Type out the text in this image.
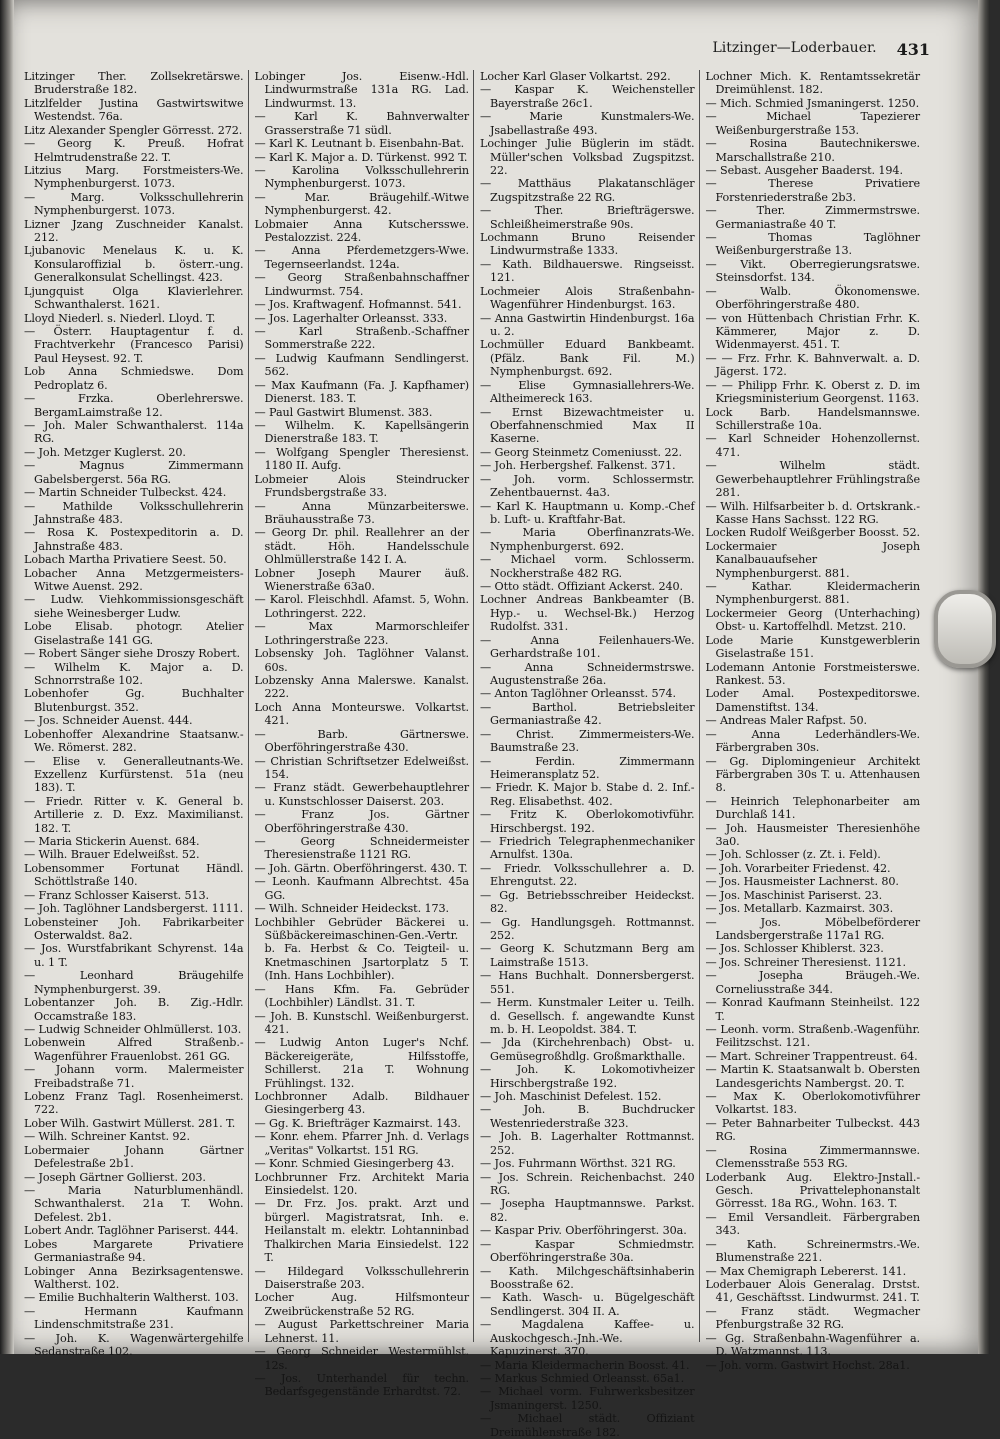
Litzinger—Loderbauer. 431

Litzinger Ther. Zollsekretärswe. Bruderstraße 182.

Litzlfelder Justina Gastwirtswitwe Westendst. 76a.

Litz Alexander Spengler Görresst. 272.

— Georg K. Preuß. Hofrat Helmtrudenstraße 22. T.

Litzius Marg. Forstmeisters-We. Nymphenburgerst. 1073.

— Marg. Volksschullehrerin Nymphenburgerst. 1073.

Lizner Jzang Zuschneider Kanalst. 212.

Ljubanovic Menelaus K. u. K. Konsularoffizial b. österr.-ung. Generalkonsulat Schellingst. 423.

Ljungquist Olga Klavierlehrer. Schwanthalerst. 1621.

Lloyd Niederl. s. Niederl. Lloyd. T.

— Österr. Hauptagentur f. d. Frachtverkehr (Francesco Parisi) Paul Heysest. 92. T.

Lob Anna Schmiedswe. Dom Pedroplatz 6.

— Frzka. Oberlehrerswe. BergamLaimstraße 12.

— Joh. Maler Schwanthalerst. 114a RG.

— Joh. Metzger Kuglerst. 20.

— Magnus Zimmermann Gabelsbergerst. 56a RG.

— Martin Schneider Tulbeckst. 424.

— Mathilde Volksschullehrerin Jahnstraße 483.

— Rosa K. Postexpeditorin a. D. Jahnstraße 483.

Lobach Martha Privatiere Seest. 50.

Lobacher Anna Metzgermeisters-Witwe Auenst. 292.

— Ludw. Viehkommissionsgeschäft siehe Weinesberger Ludw.

Lobe Elisab. photogr. Atelier Giselastraße 141 GG.

— Robert Sänger siehe Droszy Robert.

— Wilhelm K. Major a. D. Schnorrstraße 102.

Lobenhofer Gg. Buchhalter Blutenburgst. 352.

— Jos. Schneider Auenst. 444.

Lobenhoffer Alexandrine Staatsanw.-We. Römerst. 282.

— Elise v. Generalleutnants-We. Exzellenz Kurfürstenst. 51a (neu 183). T.

— Friedr. Ritter v. K. General b. Artillerie z. D. Exz. Maximilianst. 182. T.

— Maria Stickerin Auenst. 684.

— Wilh. Brauer Edelweißst. 52.

Lobensommer Fortunat Händl. Schöttlstraße 140.

— Franz Schlosser Kaiserst. 513.

— Joh. Taglöhner Landsbergerst. 1111.

Lobensteiner Joh. Fabrikarbeiter Osterwaldst. 8a2.

— Jos. Wurstfabrikant Schyrenst. 14a u. 1 T.

— Leonhard Bräugehilfe Nymphenburgerst. 39.

Lobentanzer Joh. B. Zig.-Hdlr. Occamstraße 183.

— Ludwig Schneider Ohlmüllerst. 103.

Lobenwein Alfred Straßenb.-Wagenführer Frauenlobst. 261 GG.

— Johann vorm. Malermeister Freibadstraße 71.

Lobenz Franz Tagl. Rosenheimerst. 722.

Lober Wilh. Gastwirt Müllerst. 281. T.

— Wilh. Schreiner Kantst. 92.

Lobermaier Johann Gärtner Defelestraße 2b1.

— Joseph Gärtner Gollierst. 203.

— Maria Naturblumenhändl. Schwanthalerst. 21a T. Wohn. Defelest. 2b1.

Lobert Andr. Taglöhner Pariserst. 444.

Lobes Margarete Privatiere Germaniastraße 94.

Lobinger Anna Bezirksagentenswe. Waltherst. 102.

— Emilie Buchhalterin Waltherst. 103.

— Hermann Kaufmann Lindenschmitstraße 231.

— Joh. K. Wagenwärtergehilfe Sedanstraße 102.

Lobinger Jos. Eisenw.-Hdl. Lindwurmstraße 131a RG. Lad. Lindwurmst. 13.

— Karl K. Bahnverwalter Grasserstraße 71 südl.

— Karl K. Leutnant b. Eisenbahn-Bat.

— Karl K. Major a. D. Türkenst. 992 T.

— Karolina Volksschullehrerin Nymphenburgerst. 1073.

— Mar. Bräugehilf.-Witwe Nymphenburgerst. 42.

Lobmaier Anna Kutschersswe. Pestalozzist. 224.

— Anna Pferdemetzgers-Wwe. Tegernseerlandst. 124a.

— Georg Straßenbahnschaffner Lindwurmst. 754.

— Jos. Kraftwagenf. Hofmannst. 541.

— Jos. Lagerhalter Orleansst. 333.

— Karl Straßenb.-Schaffner Sommerstraße 222.

— Ludwig Kaufmann Sendlingerst. 562.

— Max Kaufmann (Fa. J. Kapfhamer) Dienerst. 183. T.

— Paul Gastwirt Blumenst. 383.

— Wilhelm. K. Kapellsängerin Dienerstraße 183. T.

— Wolfgang Spengler Theresienst. 1180 II. Aufg.

Lobmeier Alois Steindrucker Frundsbergstraße 33.

— Anna Münzarbeiterswe. Bräuhausstraße 73.

— Georg Dr. phil. Reallehrer an der städt. Höh. Handelsschule Ohlmüllerstraße 142 I. A.

Lobner Joseph Maurer äuß. Wienerstraße 63a0.

— Karol. Fleischhdl. Afamst. 5, Wohn. Lothringerst. 222.

— Max Marmorschleifer Lothringerstraße 223.

Lobsensky Joh. Taglöhner Valanst. 60s.

Lobzensky Anna Malerswe. Kanalst. 222.

Loch Anna Monteurswe. Volkartst. 421.

— Barb. Gärtnerswe. Oberföhringerstraße 430.

— Christian Schriftsetzer Edelweißst. 154.

— Franz städt. Gewerbehauptlehrer u. Kunstschlosser Daiserst. 203.

— Franz Jos. Gärtner Oberföhringerstraße 430.

— Georg Schneidermeister Theresienstraße 1121 RG.

— Joh. Gärtn. Oberföhringerst. 430. T.

— Leonh. Kaufmann Albrechtst. 45a GG.

— Wilh. Schneider Heideckst. 173.

Lochbihler Gebrüder Bäckerei u. Süßbäckereimaschinen-Gen.-Vertr. b. Fa. Herbst & Co. Teigteil- u. Knetmaschinen Jsartorplatz 5 T. (Inh. Hans Lochbihler).

— Hans Kfm. Fa. Gebrüder (Lochbihler) Ländlst. 31. T.

— Joh. B. Kunstschl. Weißenburgerst. 421.

— Ludwig Anton Luger's Nchf. Bäckereigeräte, Hilfsstoffe, Schillerst. 21a T. Wohnung Frühlingst. 132.

Lochbronner Adalb. Bildhauer Giesingerberg 43.

— Gg. K. Briefträger Kazmairst. 143.

— Konr. ehem. Pfarrer Jnh. d. Verlags „Veritas" Volkartst. 151 RG.

— Konr. Schmied Giesingerberg 43.

Lochbrunner Frz. Architekt Maria Einsiedelst. 120.

— Dr. Frz. Jos. prakt. Arzt und bürgerl. Magistratsrat, Inh. e. Heilanstalt m. elektr. Lohtanninbad Thalkirchen Maria Einsiedelst. 122 T.

— Hildegard Volksschullehrerin Daiserstraße 203.

Locher Aug. Hilfsmonteur Zweibrückenstraße 52 RG.

— August Parkettschreiner Maria Lehnerst. 11.

— Georg Schneider Westermühlst. 12s.

— Jos. Unterhandel für techn. Bedarfsgegenstände Erhardtst. 72.

Locher Karl Glaser Volkartst. 292.

— Kaspar K. Weichensteller Bayerstraße 26c1.

— Marie Kunstmalers-We. Jsabellastraße 493.

Lochinger Julie Büglerin im städt. Müller'schen Volksbad Zugspitzst. 22.

— Matthäus Plakatanschläger Zugspitzstraße 22 RG.

— Ther. Briefträgerswe. Schleißheimerstraße 90s.

Lochmann Bruno Reisender Lindwurmstraße 1333.

— Kath. Bildhauerswe. Ringseisst. 121.

Lochmeier Alois Straßenbahn-Wagenführer Hindenburgst. 163.

— Anna Gastwirtin Hindenburgst. 16a u. 2.

Lochmüller Eduard Bankbeamt. (Pfälz. Bank Fil. M.) Nymphenburgst. 692.

— Elise Gymnasiallehrers-We. Altheimereck 163.

— Ernst Bizewachtmeister u. Oberfahnenschmied Max II Kaserne.

— Georg Steinmetz Comeniusst. 22.

— Joh. Herbergshef. Falkenst. 371.

— Joh. vorm. Schlossermstr. Zehentbauernst. 4a3.

— Karl K. Hauptmann u. Komp.-Chef b. Luft- u. Kraftfahr-Bat.

— Maria Oberfinanzrats-We. Nymphenburgerst. 692.

— Michael vorm. Schlosserm. Nockherstraße 482 RG.

— Otto städt. Offiziant Ackerst. 240.

Lochner Andreas Bankbeamter (B. Hyp.- u. Wechsel-Bk.) Herzog Rudolfst. 331.

— Anna Feilenhauers-We. Gerhardstraße 101.

— Anna Schneidermstrswe. Augustenstraße 26a.

— Anton Taglöhner Orleansst. 574.

— Barthol. Betriebsleiter Germaniastraße 42.

— Christ. Zimmermeisters-We. Baumstraße 23.

— Ferdin. Zimmermann Heimeransplatz 52.

— Friedr. K. Major b. Stabe d. 2. Inf.-Reg. Elisabethst. 402.

— Fritz K. Oberlokomotivführ. Hirschbergst. 192.

— Friedrich Telegraphenmechaniker Arnulfst. 130a.

— Friedr. Volksschullehrer a. D. Ehrengutst. 22.

— Gg. Betriebsschreiber Heideckst. 82.

— Gg. Handlungsgeh. Rottmannst. 252.

— Georg K. Schutzmann Berg am Laimstraße 1513.

— Hans Buchhalt. Donnersbergerst. 551.

— Herm. Kunstmaler Leiter u. Teilh. d. Gesellsch. f. angewandte Kunst m. b. H. Leopoldst. 384. T.

— Jda (Kirchehrenbach) Obst- u. Gemüsegroßhdlg. Großmarkthalle.

— Joh. K. Lokomotivheizer Hirschbergstraße 192.

— Joh. Maschinist Defelest. 152.

— Joh. B. Buchdrucker Westenriederstraße 323.

— Joh. B. Lagerhalter Rottmannst. 252.

— Jos. Fuhrmann Wörthst. 321 RG.

— Jos. Schrein. Reichenbachst. 240 RG.

— Josepha Hauptmannswe. Parkst. 82.

— Kaspar Priv. Oberföhringerst. 30a.

— Kaspar Schmiedmstr. Oberföhringerstraße 30a.

— Kath. Milchgeschäftsinhaberin Boosstraße 62.

— Kath. Wasch- u. Bügelgeschäft Sendlingerst. 304 II. A.

— Magdalena Kaffee- u. Auskochgesch.-Jnh.-We. Kapuzinerst. 370.

— Maria Kleidermacherin Boosst. 41.

— Markus Schmied Orleansst. 65a1.

— Michael vorm. Fuhrwerksbesitzer Jsmaningerst. 1250.

— Michael städt. Offiziant Dreimühlenstraße 182.

Lochner Mich. K. Rentamtssekretär Dreimühlenst. 182.

— Mich. Schmied Jsmaningerst. 1250.

— Michael Tapezierer Weißenburgerstraße 153.

— Rosina Bautechnikerswe. Marschallstraße 210.

— Sebast. Ausgeher Baaderst. 194.

— Therese Privatiere Forstenriederstraße 2b3.

— Ther. Zimmermstrswe. Germaniastraße 40 T.

— Thomas Taglöhner Weißenburgerstraße 13.

— Vikt. Oberregierungsratswe. Steinsdorfst. 134.

— Walb. Ökonomenswe. Oberföhringerstraße 480.

— von Hüttenbach Christian Frhr. K. Kämmerer, Major z. D. Widenmayerst. 451. T.

— — Frz. Frhr. K. Bahnverwalt. a. D. Jägerst. 172.

— — Philipp Frhr. K. Oberst z. D. im Kriegsministerium Georgenst. 1163.

Lock Barb. Handelsmannswe. Schillerstraße 10a.

— Karl Schneider Hohenzollernst. 471.

— Wilhelm städt. Gewerbehauptlehrer Frühlingstraße 281.

— Wilh. Hilfsarbeiter b. d. Ortskrank.-Kasse Hans Sachsst. 122 RG.

Locken Rudolf Weißgerber Boosst. 52.

Lockermaier Joseph Kanalbauaufseher Nymphenburgerst. 881.

— Kathar. Kleidermacherin Nymphenburgerst. 881.

Lockermeier Georg (Unterhaching) Obst- u. Kartoffelhdl. Metzst. 210.

Lode Marie Kunstgewerblerin Giselastraße 151.

Lodemann Antonie Forstmeisterswe. Rankest. 53.

Loder Amal. Postexpeditorswe. Damenstiftst. 134.

— Andreas Maler Rafpst. 50.

— Anna Lederhändlers-We. Färbergraben 30s.

— Gg. Diplomingenieur Architekt Färbergraben 30s T. u. Attenhausen 8.

— Heinrich Telephonarbeiter am Durchlaß 141.

— Joh. Hausmeister Theresienhöhe 3a0.

— Joh. Schlosser (z. Zt. i. Feld).

— Joh. Vorarbeiter Friedenst. 42.

— Jos. Hausmeister Lachnerst. 80.

— Jos. Maschinist Pariserst. 23.

— Jos. Metallarb. Kazmairst. 303.

— Jos. Möbelbeförderer Landsbergerstraße 117a1 RG.

— Jos. Schlosser Khiblerst. 323.

— Jos. Schreiner Theresienst. 1121.

— Josepha Bräugeh.-We. Corneliusstraße 344.

— Konrad Kaufmann Steinheilst. 122 T.

— Leonh. vorm. Straßenb.-Wagenführ. Feilitzschst. 121.

— Mart. Schreiner Trappentreust. 64.

— Martin K. Staatsanwalt b. Obersten Landesgerichts Nambergst. 20. T.

— Max K. Oberlokomotivführer Volkartst. 183.

— Peter Bahnarbeiter Tulbeckst. 443 RG.

— Rosina Zimmermannswe. Clemensstraße 553 RG.

Loderbank Aug. Elektro-Jnstall.-Gesch. Privattelephonanstalt Görresst. 18a RG., Wohn. 163. T.

— Emil Versandleit. Färbergraben 343.

— Kath. Schreinermstrs.-We. Blumenstraße 221.

— Max Chemigraph Lebererst. 141.

Loderbauer Alois Generalag. Drstst. 41, Geschäftsst. Lindwurmst. 241. T.

— Franz städt. Wegmacher Pfenburgstraße 32 RG.

— Gg. Straßenbahn-Wagenführer a. D. Watzmannst. 113.

— Joh. vorm. Gastwirt Hochst. 28a1.
